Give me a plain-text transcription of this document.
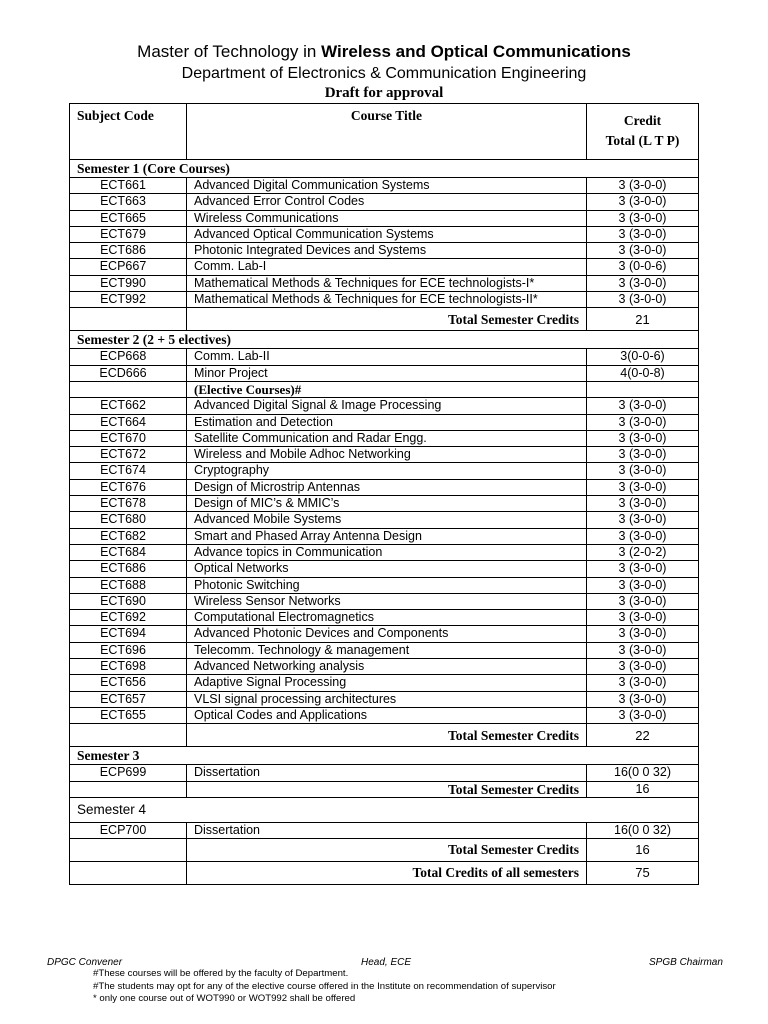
Master of Technology in Wireless and Optical Communications
Department of Electronics & Communication Engineering
Draft for approval
Subject Code	Course Title	Credit
Total (L T P)
Semester 1 (Core Courses)		
ECT661	Advanced Digital Communication Systems	3 (3-0-0)
ECT663	Advanced Error Control Codes	3 (3-0-0)
ECT665	Wireless Communications	3 (3-0-0)
ECT679	Advanced Optical Communication Systems	3 (3-0-0)
ECT686	Photonic Integrated Devices and Systems	3 (3-0-0)
ECP667	Comm. Lab-I	3 (0-0-6)
ECT990	Mathematical Methods & Techniques for ECE technologists-I*	3 (3-0-0)
ECT992	Mathematical Methods & Techniques for ECE technologists-II*	3 (3-0-0)
	Total Semester Credits	21
Semester 2 (2 + 5 electives)		
ECP668	Comm. Lab-II	3(0-0-6)
ECD666	Minor Project	4(0-0-8)
	(Elective Courses)#	
ECT662	Advanced Digital Signal & Image Processing	3 (3-0-0)
ECT664	Estimation and Detection	3 (3-0-0)
ECT670	Satellite Communication and Radar Engg.	3 (3-0-0)
ECT672	Wireless and Mobile Adhoc Networking	3 (3-0-0)
ECT674	Cryptography	3 (3-0-0)
ECT676	Design of Microstrip Antennas	3 (3-0-0)
ECT678	Design of MIC’s & MMIC’s	3 (3-0-0)
ECT680	Advanced Mobile Systems	3 (3-0-0)
ECT682	Smart and Phased Array Antenna Design	3 (3-0-0)
ECT684	Advance topics in Communication	3 (2-0-2)
ECT686	Optical Networks	3 (3-0-0)
ECT688	Photonic Switching	3 (3-0-0)
ECT690	Wireless Sensor Networks	3 (3-0-0)
ECT692	Computational Electromagnetics	3 (3-0-0)
ECT694	Advanced Photonic Devices and Components	3 (3-0-0)
ECT696	Telecomm. Technology & management	3 (3-0-0)
ECT698	Advanced Networking analysis	3 (3-0-0)
ECT656	Adaptive Signal Processing	3 (3-0-0)
ECT657	VLSI signal processing architectures	3 (3-0-0)
ECT655	Optical Codes and Applications	3 (3-0-0)
	Total Semester Credits	22
Semester 3		
ECP699	Dissertation	16(0 0 32)
	Total Semester Credits	16
Semester 4		
ECP700	Dissertation	16(0 0 32)
	Total Semester Credits	16
	Total Credits of all semesters	75
DPGC Convener	Head, ECE	SPGB Chairman
#These courses will be offered by the faculty of Department.
#The students may opt for any of the elective course offered in the Institute on recommendation of supervisor
* only one course out of WOT990 or WOT992 shall be offered
